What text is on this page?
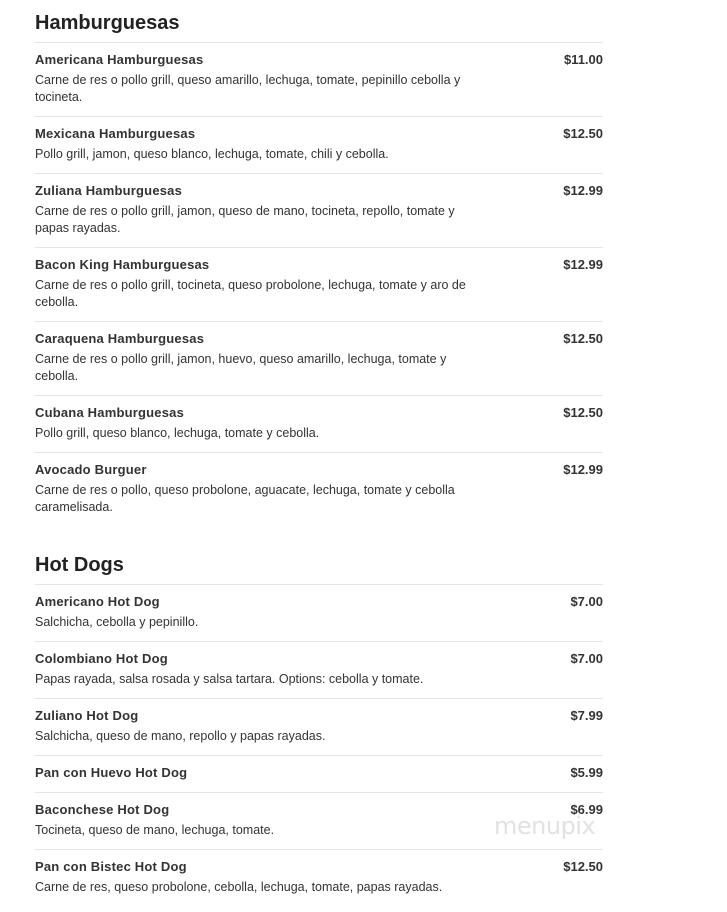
Hamburguesas
Americana Hamburguesas	$11.00
Carne de res o pollo grill, queso amarillo, lechuga, tomate, pepinillo cebolla y tocineta.
Mexicana Hamburguesas	$12.50
Pollo grill, jamon, queso blanco, lechuga, tomate, chili y cebolla.
Zuliana Hamburguesas	$12.99
Carne de res o pollo grill, jamon, queso de mano, tocineta, repollo, tomate y papas rayadas.
Bacon King Hamburguesas	$12.99
Carne de res o pollo grill, tocineta, queso probolone, lechuga, tomate y aro de cebolla.
Caraquena Hamburguesas	$12.50
Carne de res o pollo grill, jamon, huevo, queso amarillo, lechuga, tomate y cebolla.
Cubana Hamburguesas	$12.50
Pollo grill, queso blanco, lechuga, tomate y cebolla.
Avocado Burguer	$12.99
Carne de res o pollo, queso probolone, aguacate, lechuga, tomate y cebolla caramelisada.
Hot Dogs
Americano Hot Dog	$7.00
Salchicha, cebolla y pepinillo.
Colombiano Hot Dog	$7.00
Papas rayada, salsa rosada y salsa tartara. Options: cebolla y tomate.
Zuliano Hot Dog	$7.99
Salchicha, queso de mano, repollo y papas rayadas.
Pan con Huevo Hot Dog	$5.99
Baconchese Hot Dog	$6.99
Tocineta, queso de mano, lechuga, tomate.
Pan con Bistec Hot Dog	$12.50
Carne de res, queso probolone, cebolla, lechuga, tomate, papas rayadas.
menupix
